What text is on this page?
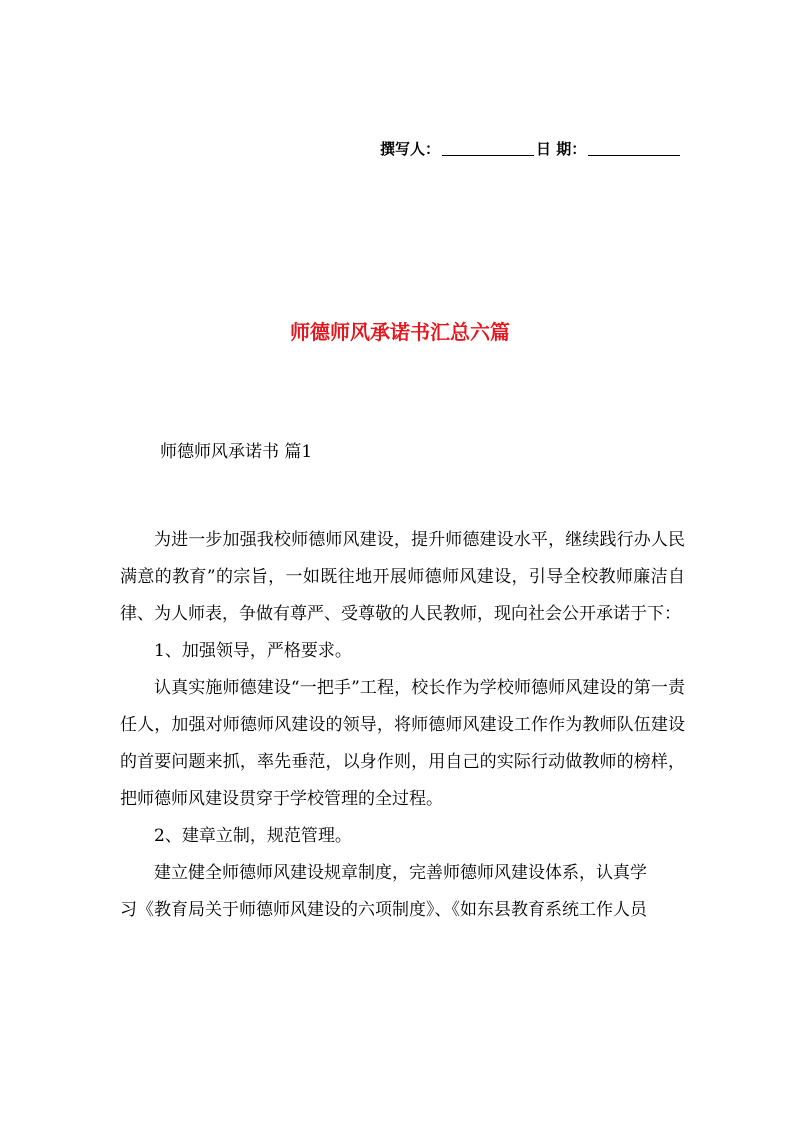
撰写人：	日 期：
师德师风承诺书汇总六篇
师德师风承诺书 篇1

为进一步加强我校师德师风建设，提升师德建设水平，继续践行办人民满意的教育”的宗旨，一如既往地开展师德师风建设，引导全校教师廉洁自律、为人师表，争做有尊严、受尊敬的人民教师，现向社会公开承诺于下：

1、加强领导，严格要求。

认真实施师德建设“一把手”工程，校长作为学校师德师风建设的第一责任人，加强对师德师风建设的领导，将师德师风建设工作作为教师队伍建设的首要问题来抓，率先垂范，以身作则，用自己的实际行动做教师的榜样，把师德师风建设贯穿于学校管理的全过程。

2、建章立制，规范管理。

建立健全师德师风建设规章制度，完善师德师风建设体系，认真学

习《教育局关于师德师风建设的六项制度》、《如东县教育系统工作人员
